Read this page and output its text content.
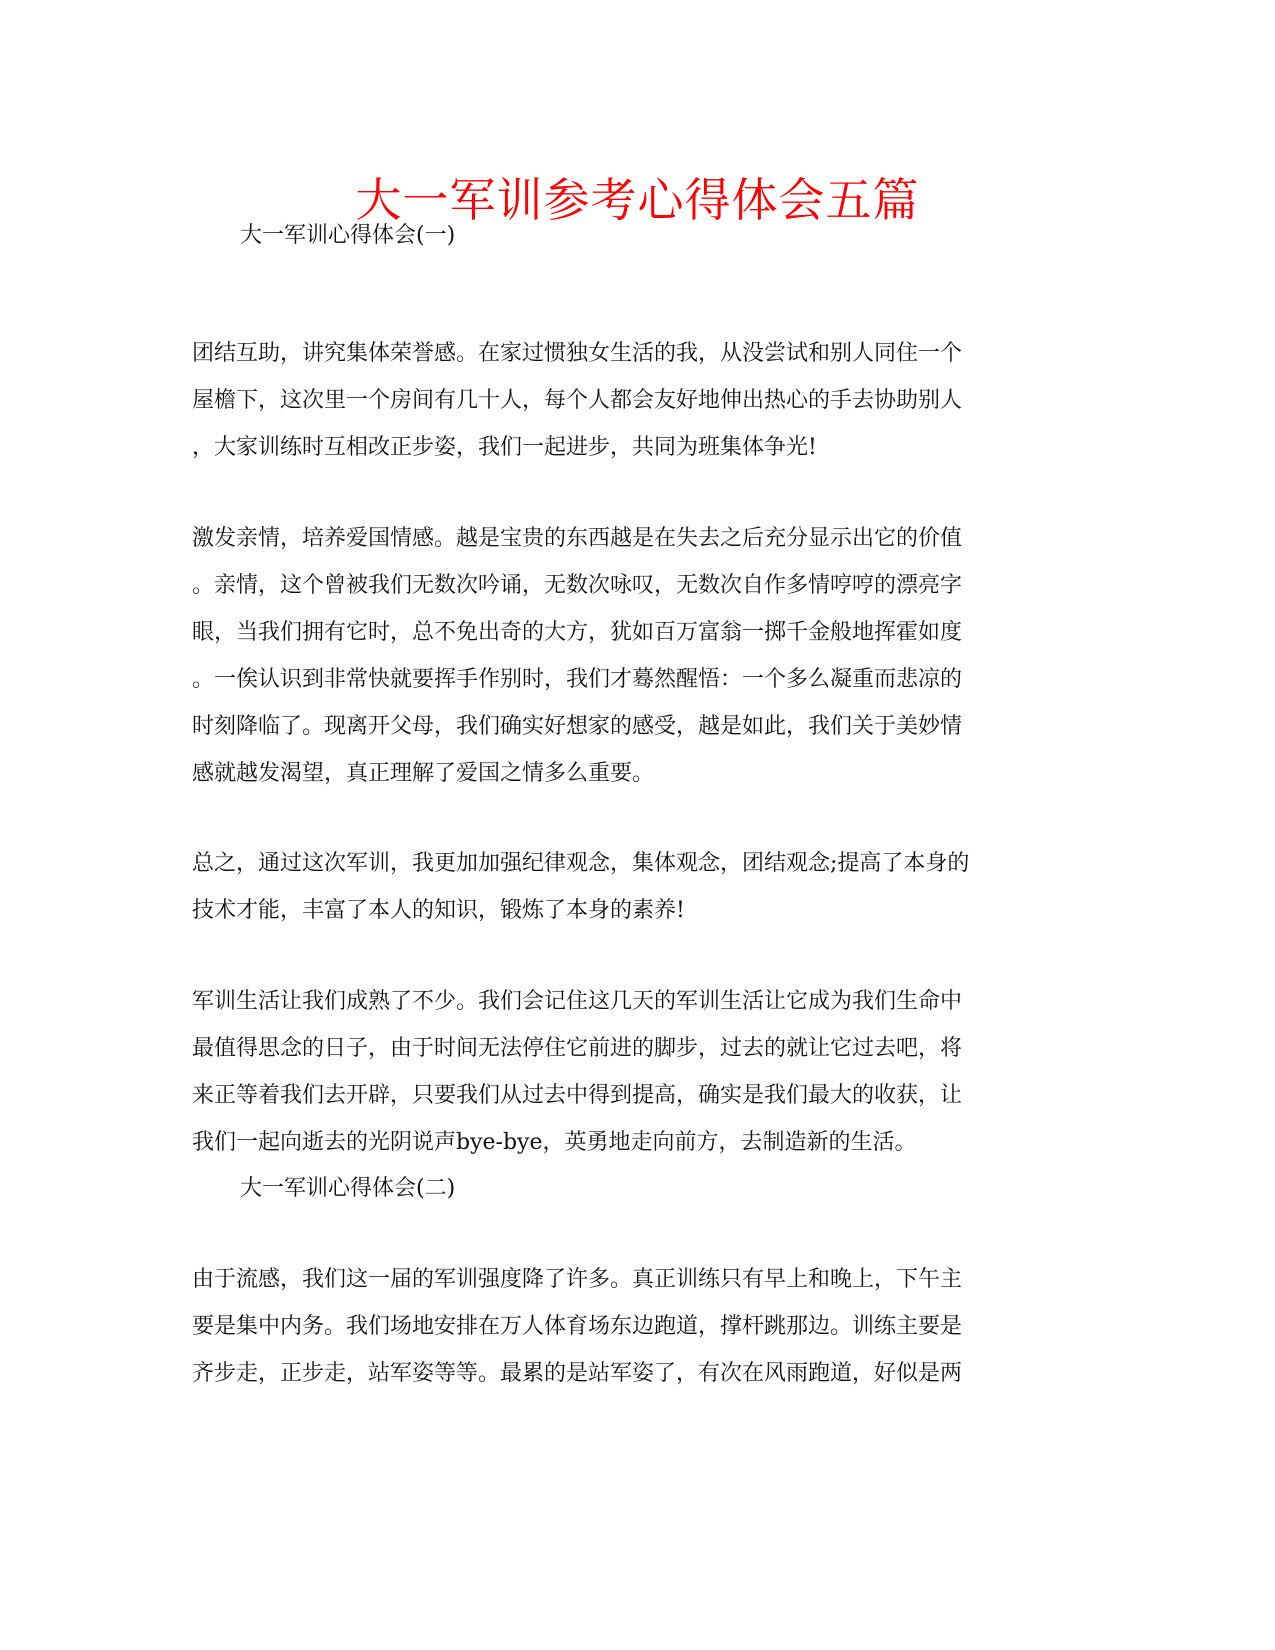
大一军训参考心得体会五篇
大一军训心得体会(一)
团结互助，讲究集体荣誉感。在家过惯独女生活的我，从没尝试和别人同住一个
屋檐下，这次里一个房间有几十人，每个人都会友好地伸出热心的手去协助别人
，大家训练时互相改正步姿，我们一起进步，共同为班集体争光!
激发亲情，培养爱国情感。越是宝贵的东西越是在失去之后充分显示出它的价值
。亲情，这个曾被我们无数次吟诵，无数次咏叹，无数次自作多情哼哼的漂亮字
眼，当我们拥有它时，总不免出奇的大方，犹如百万富翁一掷千金般地挥霍如度
。一俟认识到非常快就要挥手作别时，我们才蓦然醒悟：一个多么凝重而悲凉的
时刻降临了。现离开父母，我们确实好想家的感受，越是如此，我们关于美妙情
感就越发渴望，真正理解了爱国之情多么重要。
总之，通过这次军训，我更加加强纪律观念，集体观念，团结观念;提高了本身的
技术才能，丰富了本人的知识，锻炼了本身的素养!
军训生活让我们成熟了不少。我们会记住这几天的军训生活让它成为我们生命中
最值得思念的日子，由于时间无法停住它前进的脚步，过去的就让它过去吧，将
来正等着我们去开辟，只要我们从过去中得到提高，确实是我们最大的收获，让
我们一起向逝去的光阴说声bye-bye，英勇地走向前方，去制造新的生活。
大一军训心得体会(二)
由于流感，我们这一届的军训强度降了许多。真正训练只有早上和晚上，下午主
要是集中内务。我们场地安排在万人体育场东边跑道，撑杆跳那边。训练主要是
齐步走，正步走，站军姿等等。最累的是站军姿了，有次在风雨跑道，好似是两
